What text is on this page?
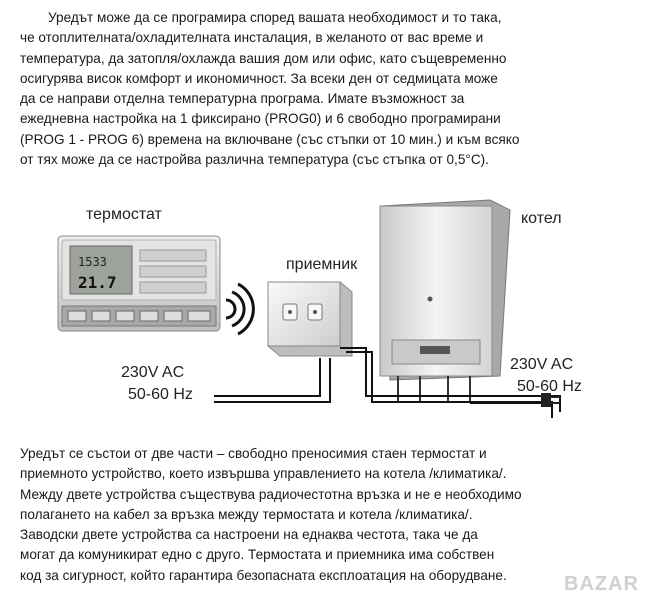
Уредът може да се програмира според вашата необходимост и то така,
че отоплителната/охладителната инсталация, в желаното от вас време и
температура, да затопля/охлажда вашия дом или офис, като същевременно
осигурява висок комфорт и икономичност. За всеки ден от седмицата може
да се направи отделна температурна програма. Имате възможност за
ежедневна настройка на 1 фиксирано (PROG0) и 6 свободно програмирани
(PROG 1 - PROG 6) времена на включване (със стъпки от 10 мин.) и към всяко
от тях може да се настройва различна температура (със стъпка от 0,5°C).
1533
21.7
термостат
приемник
котел
230V AC
50-60 Hz
230V AC
50-60 Hz
Уредът се състои от две части – свободно преносимия стаен термостат и
приемното устройство, което извършва управлението на котела /климатика/.
Между двете устройства съществува радиочестотна връзка и не е необходимо
полагането на кабел за връзка между термостата и котела /климатика/.
Заводски двете устройства са настроени на еднаква честота, така че да
могат да комуникират едно с друго. Термостата и приемника има собствен
код за сигурност, който гарантира безопасната експлоатация на оборудване.	BAZAR
